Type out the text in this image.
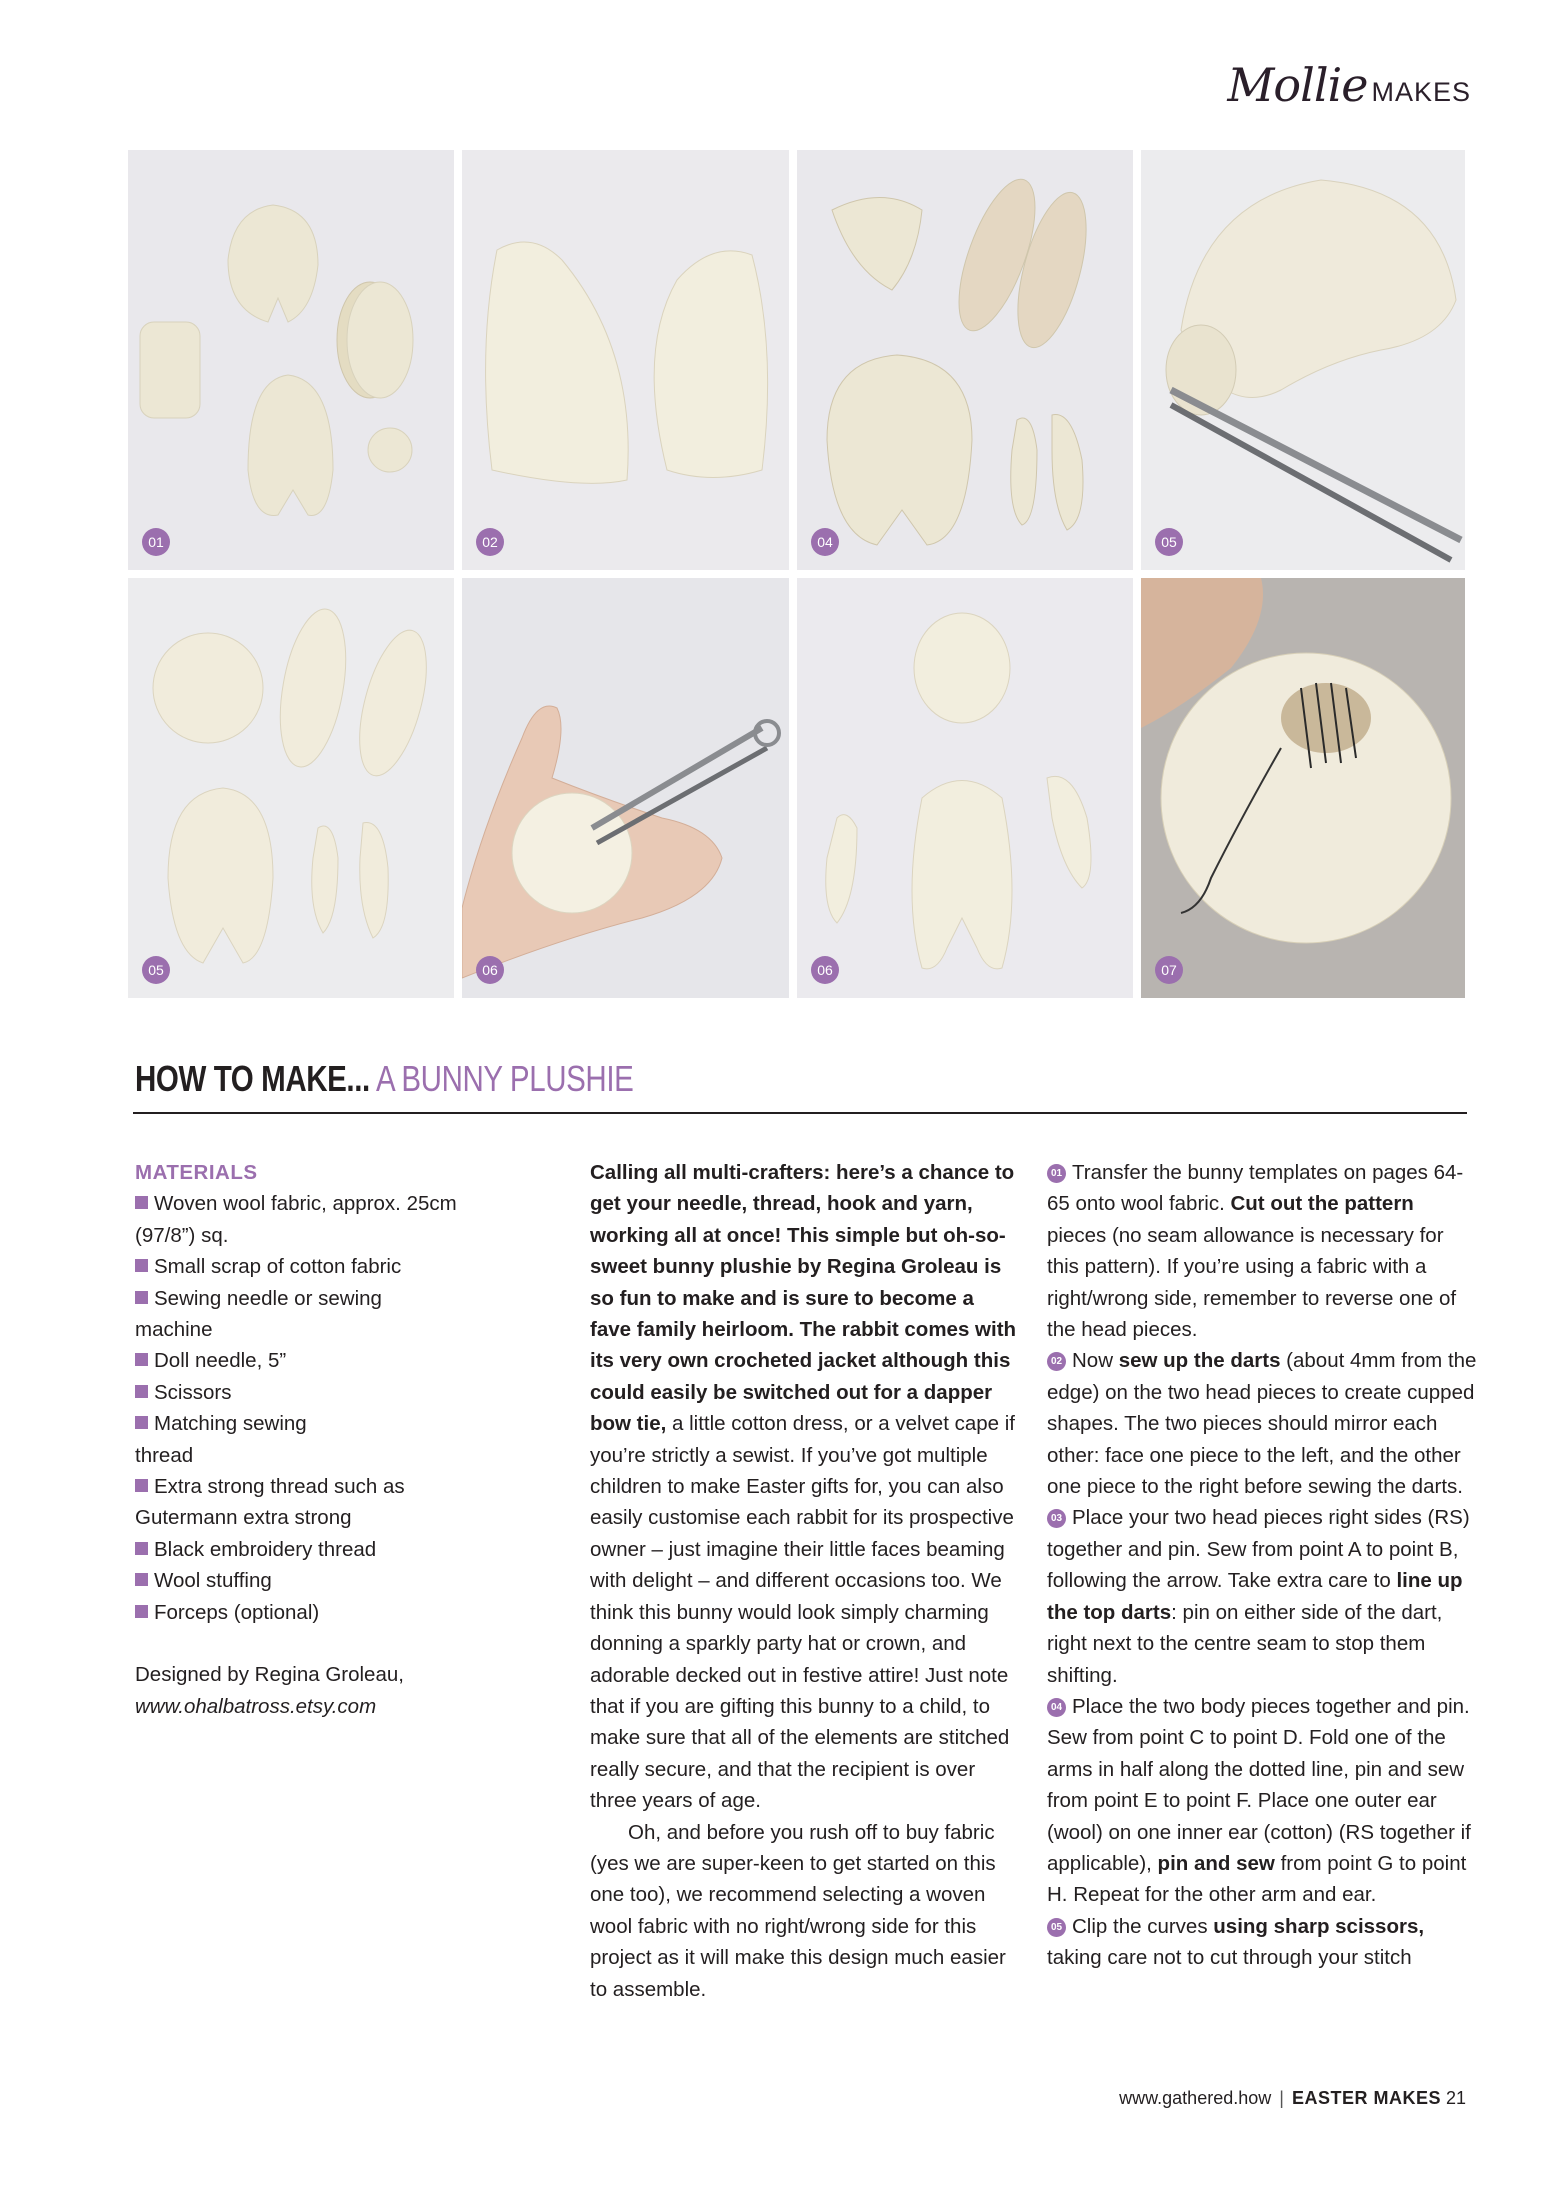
Mollie MAKES
01	02	04	05
05	06	06	07
HOW TO MAKE... A BUNNY PLUSHIE
MATERIALS
Woven wool fabric, approx. 25cm (97/8”) sq.
Small scrap of cotton fabric
Sewing needle or sewing machine
Doll needle, 5”
Scissors
Matching sewing thread
Extra strong thread such as Gutermann extra strong
Black embroidery thread
Wool stuffing
Forceps (optional)
Designed by Regina Groleau,
www.ohalbatross.etsy.com
Calling all multi-crafters: here’s a chance to get your needle, thread, hook and yarn, working all at once! This simple but oh-so-sweet bunny plushie by Regina Groleau is so fun to make and is sure to become a fave family heirloom. The rabbit comes with its very own crocheted jacket although this could easily be switched out for a dapper bow tie, a little cotton dress, or a velvet cape if you’re strictly a sewist. If you’ve got multiple children to make Easter gifts for, you can also easily customise each rabbit for its prospective owner – just imagine their little faces beaming with delight – and different occasions too. We think this bunny would look simply charming donning a sparkly party hat or crown, and adorable decked out in festive attire! Just note that if you are gifting this bunny to a child, to make sure that all of the elements are stitched really secure, and that the recipient is over three years of age.
Oh, and before you rush off to buy fabric (yes we are super-keen to get started on this one too), we recommend selecting a woven wool fabric with no right/wrong side for this project as it will make this design much easier to assemble.
01 Transfer the bunny templates on pages 64-65 onto wool fabric. Cut out the pattern pieces (no seam allowance is necessary for this pattern). If you’re using a fabric with a right/wrong side, remember to reverse one of the head pieces.
02 Now sew up the darts (about 4mm from the edge) on the two head pieces to create cupped shapes. The two pieces should mirror each other: face one piece to the left, and the other one piece to the right before sewing the darts.
03 Place your two head pieces right sides (RS) together and pin. Sew from point A to point B, following the arrow. Take extra care to line up the top darts: pin on either side of the dart, right next to the centre seam to stop them shifting.
04 Place the two body pieces together and pin. Sew from point C to point D. Fold one of the arms in half along the dotted line, pin and sew from point E to point F. Place one outer ear (wool) on one inner ear (cotton) (RS together if applicable), pin and sew from point G to point H. Repeat for the other arm and ear.
05 Clip the curves using sharp scissors, taking care not to cut through your stitch
www.gathered.how | EASTER MAKES 21
